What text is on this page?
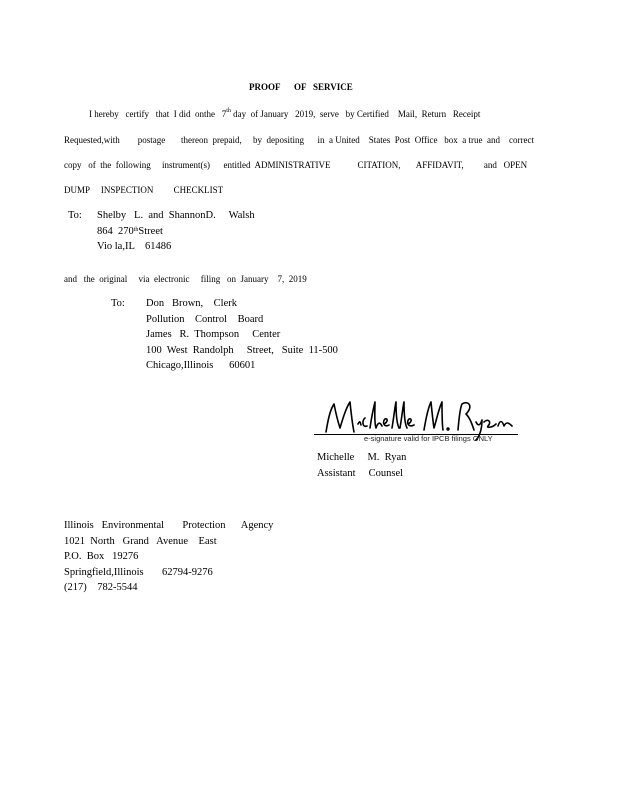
PROOF OF SERVICE
I hereby   certify   that  I did  onthe   7th day  of January   2019,  serve   by Certified    Mail,  Return   Receipt
Requested,with        postage       thereon  prepaid,     by  depositing      in  a United    States  Post  Office   box  a true  and    correct
copy   of  the  following     instrument(s)      entitled  ADMINISTRATIVE            CITATION,       AFFIDAVIT,         and   OPEN
DUMP     INSPECTION         CHECKLIST
To: Shelby   L.  and  ShannonD.     Walsh
864  270thStreet
Vio la,IL    61486
and   the  original     via  electronic     filing   on  January    7,  2019
To: Don   Brown,    Clerk
Pollution    Control    Board
James   R.  Thompson     Center
100  West  Randolph     Street,   Suite  11-500
Chicago,Illinois      60601
e-signature valid for IPCB filings ONLY
Michelle     M.  Ryan
Assistant     Counsel
Illinois   Environmental       Protection      Agency
1021  North   Grand   Avenue    East
P.O.  Box   19276
Springfield,Illinois       62794-9276
(217)    782-5544
